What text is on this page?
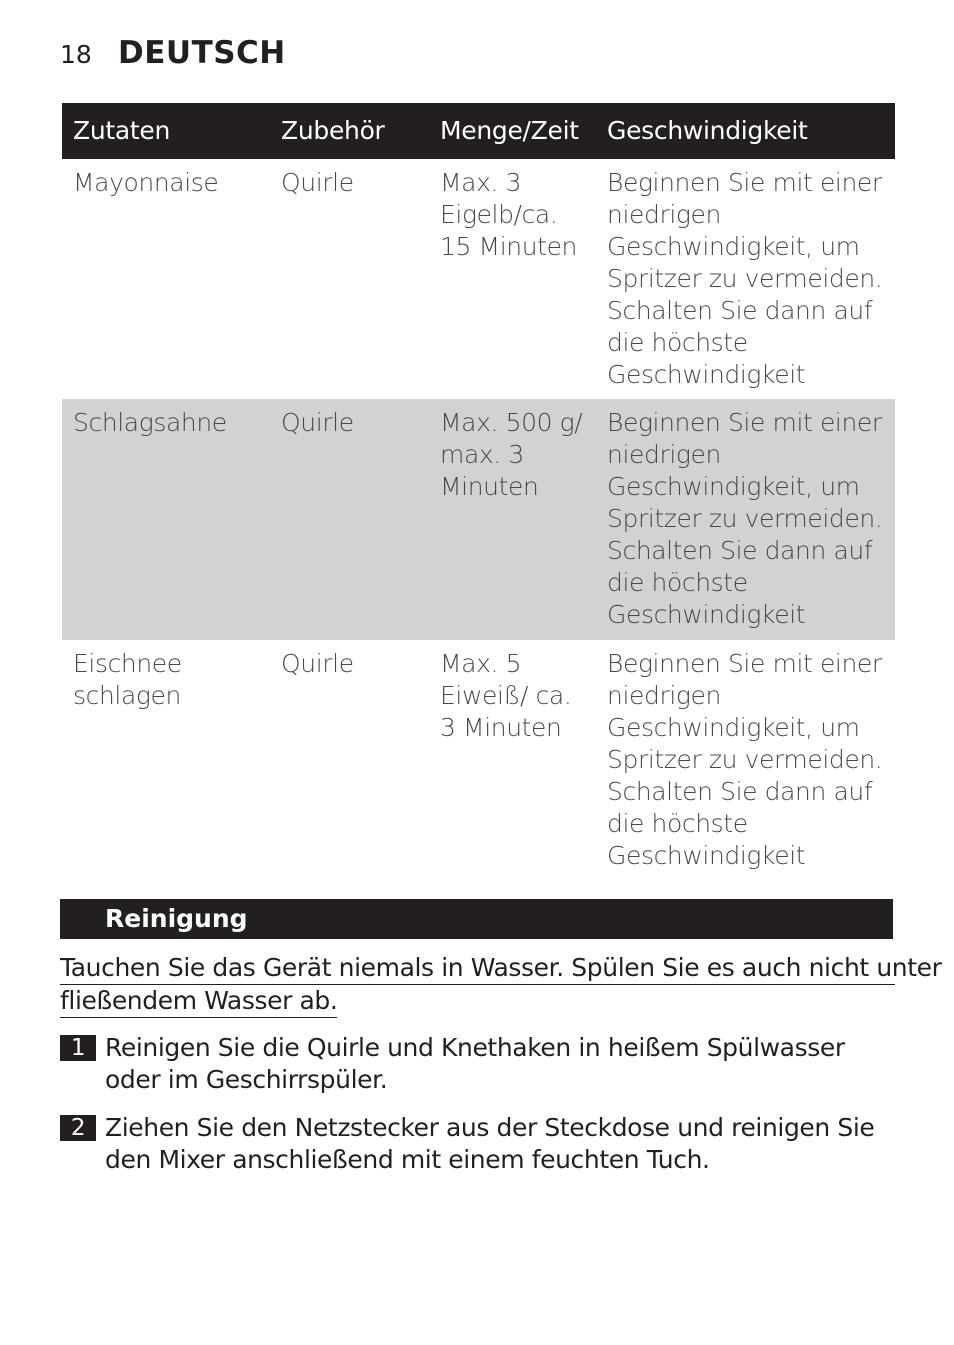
18 DEUTSCH
Zutaten	Zubehör	Menge/Zeit	Geschwindigkeit
Mayonnaise	Quirle	Max. 3 Eigelb/ca. 15 Minuten	Beginnen Sie mit einer niedrigen Geschwindigkeit, um Spritzer zu vermeiden. Schalten Sie dann auf die höchste Geschwindigkeit
Schlagsahne	Quirle	Max. 500 g/ max. 3 Minuten	Beginnen Sie mit einer niedrigen Geschwindigkeit, um Spritzer zu vermeiden. Schalten Sie dann auf die höchste Geschwindigkeit
Eischnee schlagen	Quirle	Max. 5 Eiweiß/ ca. 3 Minuten	Beginnen Sie mit einer niedrigen Geschwindigkeit, um Spritzer zu vermeiden. Schalten Sie dann auf die höchste Geschwindigkeit
Reinigung
Tauchen Sie das Gerät niemals in Wasser. Spülen Sie es auch nicht unter
fließendem Wasser ab.
1 Reinigen Sie die Quirle und Knethaken in heißem Spülwasser oder im Geschirrspüler.
2 Ziehen Sie den Netzstecker aus der Steckdose und reinigen Sie den Mixer anschließend mit einem feuchten Tuch.
